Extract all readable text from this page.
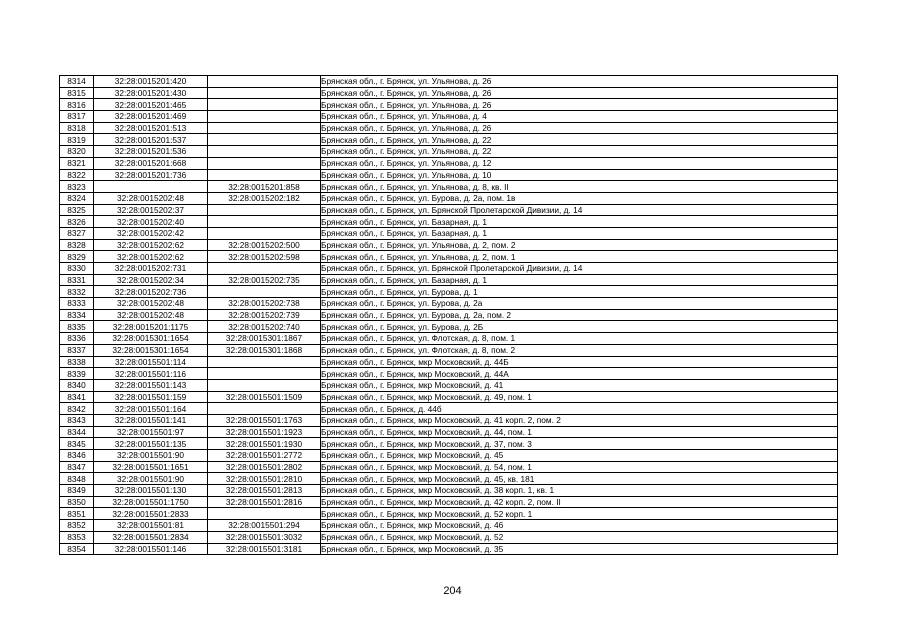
8314	32:28:0015201:420		Брянская обл., г. Брянск, ул. Ульянова, д. 26
8315	32:28:0015201:430		Брянская обл., г. Брянск, ул. Ульянова, д. 26
8316	32:28:0015201:465		Брянская обл., г. Брянск, ул. Ульянова, д. 26
8317	32:28:0015201:469		Брянская обл., г. Брянск, ул. Ульянова, д. 4
8318	32:28:0015201:513		Брянская обл., г. Брянск, ул. Ульянова, д. 26
8319	32:28:0015201:537		Брянская обл., г. Брянск, ул. Ульянова, д. 22
8320	32:28:0015201:536		Брянская обл., г. Брянск, ул. Ульянова, д. 22
8321	32:28:0015201:668		Брянская обл., г. Брянск, ул. Ульянова, д. 12
8322	32:28:0015201:736		Брянская обл., г. Брянск, ул. Ульянова, д. 10
8323		32:28:0015201:858	Брянская обл., г. Брянск, ул. Ульянова, д. 8, кв. II
8324	32:28:0015202:48	32:28:0015202:182	Брянская обл., г. Брянск, ул. Бурова, д. 2а, пом. 1в
8325	32:28:0015202:37		Брянская обл., г. Брянск, ул. Брянской Пролетарской Дивизии, д. 14
8326	32:28:0015202:40		Брянская обл., г. Брянск, ул. Базарная, д. 1
8327	32:28:0015202:42		Брянская обл., г. Брянск, ул. Базарная, д. 1
8328	32:28:0015202:62	32:28:0015202:500	Брянская обл., г. Брянск, ул. Ульянова, д. 2, пом. 2
8329	32:28:0015202:62	32:28:0015202:598	Брянская обл., г. Брянск, ул. Ульянова, д. 2, пом. 1
8330	32:28:0015202:731		Брянская обл., г. Брянск, ул. Брянской Пролетарской Дивизии, д. 14
8331	32:28:0015202:34	32:28:0015202:735	Брянская обл., г. Брянск, ул. Базарная, д. 1
8332	32:28:0015202:736		Брянская обл., г. Брянск, ул. Бурова, д. 1
8333	32:28:0015202:48	32:28:0015202:738	Брянская обл., г. Брянск, ул. Бурова, д. 2а
8334	32:28:0015202:48	32:28:0015202:739	Брянская обл., г. Брянск, ул. Бурова, д. 2а, пом. 2
8335	32:28:0015201:1175	32:28:0015202:740	Брянская обл., г. Брянск, ул. Бурова, д. 2Б
8336	32:28:0015301:1654	32:28:0015301:1867	Брянская обл., г. Брянск, ул. Флотская, д. 8, пом. 1
8337	32:28:0015301:1654	32:28:0015301:1868	Брянская обл., г. Брянск, ул. Флотская, д. 8, пом. 2
8338	32:28:0015501:114		Брянская обл., г. Брянск, мкр Московский, д. 44Б
8339	32:28:0015501:116		Брянская обл., г. Брянск, мкр Московский, д. 44А
8340	32:28:0015501:143		Брянская обл., г. Брянск, мкр Московский, д. 41
8341	32:28:0015501:159	32:28:0015501:1509	Брянская обл., г. Брянск, мкр Московский, д. 49, пом. 1
8342	32:28:0015501:164		Брянская обл., г. Брянск, д. 44б
8343	32:28:0015501:141	32:28:0015501:1763	Брянская обл., г. Брянск, мкр Московский, д. 41 корп. 2, пом. 2
8344	32:28:0015501:97	32:28:0015501:1923	Брянская обл., г. Брянск, мкр Московский, д. 44, пом. 1
8345	32:28:0015501:135	32:28:0015501:1930	Брянская обл., г. Брянск, мкр Московский, д. 37, пом. 3
8346	32:28:0015501:90	32:28:0015501:2772	Брянская обл., г. Брянск, мкр Московский, д. 45
8347	32:28:0015501:1651	32:28:0015501:2802	Брянская обл., г. Брянск, мкр Московский, д. 54, пом. 1
8348	32:28:0015501:90	32:28:0015501:2810	Брянская обл., г. Брянск, мкр Московский, д. 45, кв. 181
8349	32:28:0015501:130	32:28:0015501:2813	Брянская обл., г. Брянск, мкр Московский, д. 38 корп. 1, кв. 1
8350	32:28:0015501:1750	32:28:0015501:2816	Брянская обл., г. Брянск, мкр Московский, д. 42 корп. 2, пом. II
8351	32:28:0015501:2833		Брянская обл., г. Брянск, мкр Московский, д. 52 корп. 1
8352	32:28:0015501:81	32:28:0015501:294	Брянская обл., г. Брянск, мкр Московский, д. 46
8353	32:28:0015501:2834	32:28:0015501:3032	Брянская обл., г. Брянск, мкр Московский, д. 52
8354	32:28:0015501:146	32:28:0015501:3181	Брянская обл., г. Брянск, мкр Московский, д. 35
204
